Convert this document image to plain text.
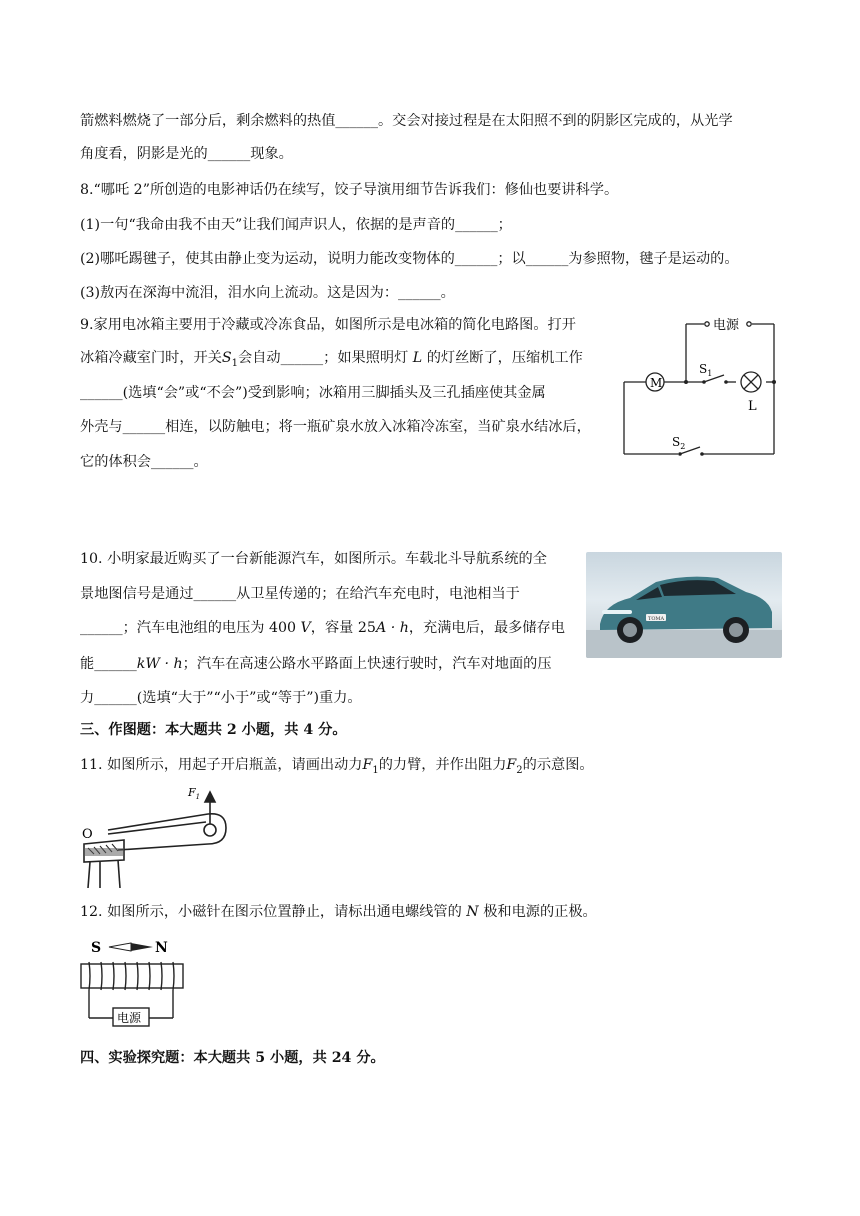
箭燃料燃烧了一部分后，剩余燃料的热值______。交会对接过程是在太阳照不到的阴影区完成的，从光学
角度看，阴影是光的______现象。
8.“哪吒 2”所创造的电影神话仍在续写，饺子导演用细节告诉我们：修仙也要讲科学。
(1)一句“我命由我不由天”让我们闻声识人，依据的是声音的______；
(2)哪吒踢毽子，使其由静止变为运动，说明力能改变物体的______；以______为参照物，毽子是运动的。
(3)敖丙在深海中流泪，泪水向上流动。这是因为：______。
9.家用电冰箱主要用于冷藏或冷冻食品，如图所示是电冰箱的简化电路图。打开
冰箱冷藏室门时，开关$S_1$会自动______；如果照明灯 L 的灯丝断了，压缩机工作
______(选填“会”或“不会”)受到影响；冰箱用三脚插头及三孔插座使其金属
外壳与______相连，以防触电；将一瓶矿泉水放入冰箱冷冻室，当矿泉水结冰后，
它的体积会______。
电源
M
$S_1$
L
$S_2$
10. 小明家最近购买了一台新能源汽车，如图所示。车载北斗导航系统的全
景地图信号是通过______从卫星传递的；在给汽车充电时，电池相当于
______；汽车电池组的电压为 400 V，容量 25A · h，充满电后，最多储存电
能______kW · h；汽车在高速公路水平路面上快速行驶时，汽车对地面的压
力______(选填“大于”“小于”或“等于”)重力。
TOMA
三、作图题：本大题共 2 小题，共 4 分。
11. 如图所示，用起子开启瓶盖，请画出动力$F_1$的力臂，并作出阻力$F_2$的示意图。
$F_1$
O
12. 如图所示，小磁针在图示位置静止，请标出通电螺线管的 N 极和电源的正极。
S	N
电源
四、实验探究题：本大题共 5 小题，共 24 分。
